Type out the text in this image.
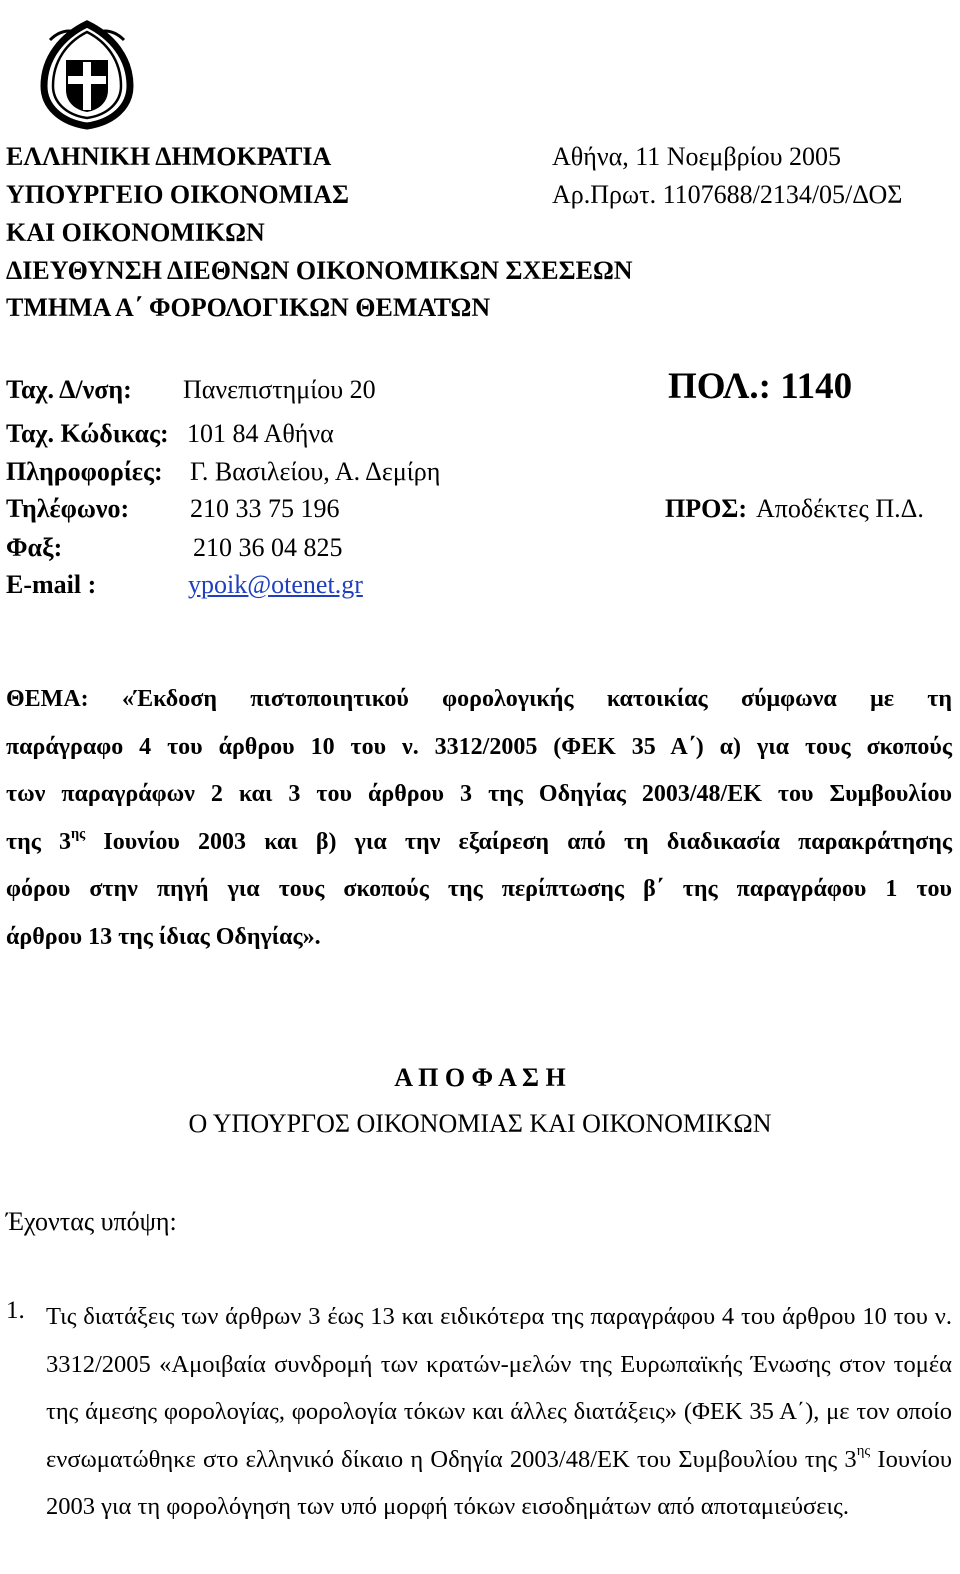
ΕΛΛΗΝΙΚΗ ΔΗΜΟΚΡΑΤΙΑ
ΥΠΟΥΡΓΕΙΟ ΟΙΚΟΝΟΜΙΑΣ
ΚΑΙ ΟΙΚΟΝΟΜΙΚΩΝ
ΔΙΕΥΘΥΝΣΗ ΔΙΕΘΝΩΝ ΟΙΚΟΝΟΜΙΚΩΝ ΣΧΕΣΕΩΝ
ΤΜΗΜΑ Α΄ ΦΟΡΟΛΟΓΙΚΩΝ ΘΕΜΑΤΩΝ
Αθήνα, 11 Νοεμβρίου 2005
Αρ.Πρωτ. 1107688/2134/05/ΔΟΣ
Ταχ. Δ/νση: Πανεπιστημίου 20	ΠΟΛ.: 1140
Ταχ. Κώδικας: 101 84 Αθήνα
Πληροφορίες: Γ. Βασιλείου, Α. Δεμίρη
Τηλέφωνο: 210 33 75 196	ΠΡΟΣ: Αποδέκτες Π.Δ.
Φαξ:	210 36 04 825
E-mail :	ypoik@otenet.gr
ΘΕΜΑ: «Έκδοση πιστοποιητικού φορολογικής κατοικίας σύμφωνα με τη
παράγραφο 4 του άρθρου 10 του ν. 3312/2005 (ΦΕΚ 35 Α΄) α) για τους σκοπούς
των παραγράφων 2 και 3 του άρθρου 3 της Οδηγίας 2003/48/ΕΚ του Συμβουλίου
της $3^{\eta\varsigma}$ Ιουνίου 2003 και β) για την εξαίρεση από τη διαδικασία παρακράτησης
φόρου στην πηγή για τους σκοπούς της περίπτωσης β΄ της παραγράφου 1 του
άρθρου 13 της ίδιας Οδηγίας».
Α Π Ο Φ Α Σ Η
Ο ΥΠΟΥΡΓΟΣ ΟΙΚΟΝΟΜΙΑΣ ΚΑΙ ΟΙΚΟΝΟΜΙΚΩΝ
Έχοντας υπόψη:
1. Τις διατάξεις των άρθρων 3 έως 13 και ειδικότερα της παραγράφου 4 του άρθρου 10 του ν. 3312/2005 «Αμοιβαία συνδρομή των κρατών-μελών της Ευρωπαϊκής Ένωσης στον τομέα της άμεσης φορολογίας, φορολογία τόκων και άλλες διατάξεις» (ΦΕΚ 35 Α΄), με τον οποίο ενσωματώθηκε στο ελληνικό δίκαιο η Οδηγία 2003/48/ΕΚ του Συμβουλίου της $3^{\eta\varsigma}$ Ιουνίου 2003 για τη φορολόγηση των υπό μορφή τόκων εισοδημάτων από αποταμιεύσεις.
